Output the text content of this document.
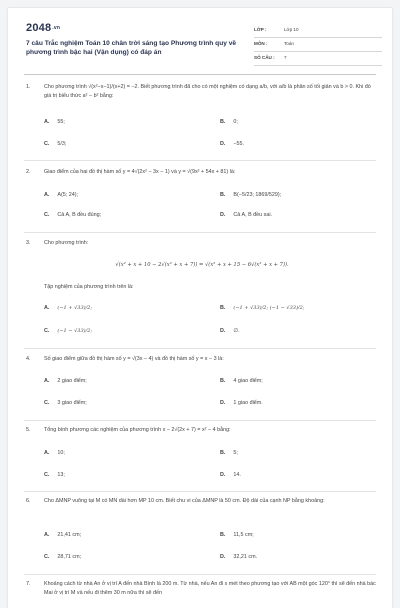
2048.vn
7 câu Trắc nghiệm Toán 10 chân trời sáng tạo Phương trình quy về phương trình bậc hai (Vận dụng) có đáp án
LỚP :	Lớp 10
MÔN :	Toán
SỐ CÂU : 7
1.	Cho phương trình √(x²−x−1)/(x+2) = −2. Biết phương trình đã cho có một nghiệm có dạng a/b, với a/b là phân số tối giản và b > 0. Khi đó giá trị biểu thức a² − b² bằng:
A. 55;	B. 0;
C. 5/3;	D. −55.
2.	Giao điểm của hai đồ thị hàm số y = 4√(2x² − 3x − 1) và y = √(9x² + 54x + 81) là:
A. A(5; 24);	B. B(−5/23; 1869/529);
C. Cả A, B đều đúng;	D. Cả A, B đều sai.
3.	Cho phương trình:
√(x² + x + 10 − 2√(x² + x + 7)) = √(x² + x + 15 − 6√(x² + x + 7)).
Tập nghiệm của phương trình trên là:
A. (−1 + √33)/2;	B. (−1 + √33)/2; (−1 − √33)/2;
C. (−1 − √33)/2;	D. ∅.
4.	Số giao điểm giữa đồ thị hàm số y = √(3x − 4) và đồ thị hàm số y = x − 3 là:
A. 2 giao điểm;	B. 4 giao điểm;
C. 3 giao điểm;	D. 1 giao điểm.
5.	Tổng bình phương các nghiệm của phương trình x − 2√(2x + 7) = x² − 4 bằng:
A. 10;	B. 5;
C. 13;	D. 14.
6.	Cho ΔMNP vuông tại M có MN dài hơn MP 10 cm. Biết chu vi của ΔMNP là 50 cm. Độ dài của cạnh NP bằng khoảng:
A. 21,41 cm;	B. 11,5 cm;
C. 28,71 cm;	D. 32,21 cm.
7.	Khoảng cách từ nhà An ở vị trí A đến nhà Bình là 200 m. Từ nhà, nếu An đi x mét theo phương tạo với AB một góc 120° thì sẽ đến nhà bác Mai ở vị trí M và nếu đi thêm 30 m nữa thì sẽ đến
